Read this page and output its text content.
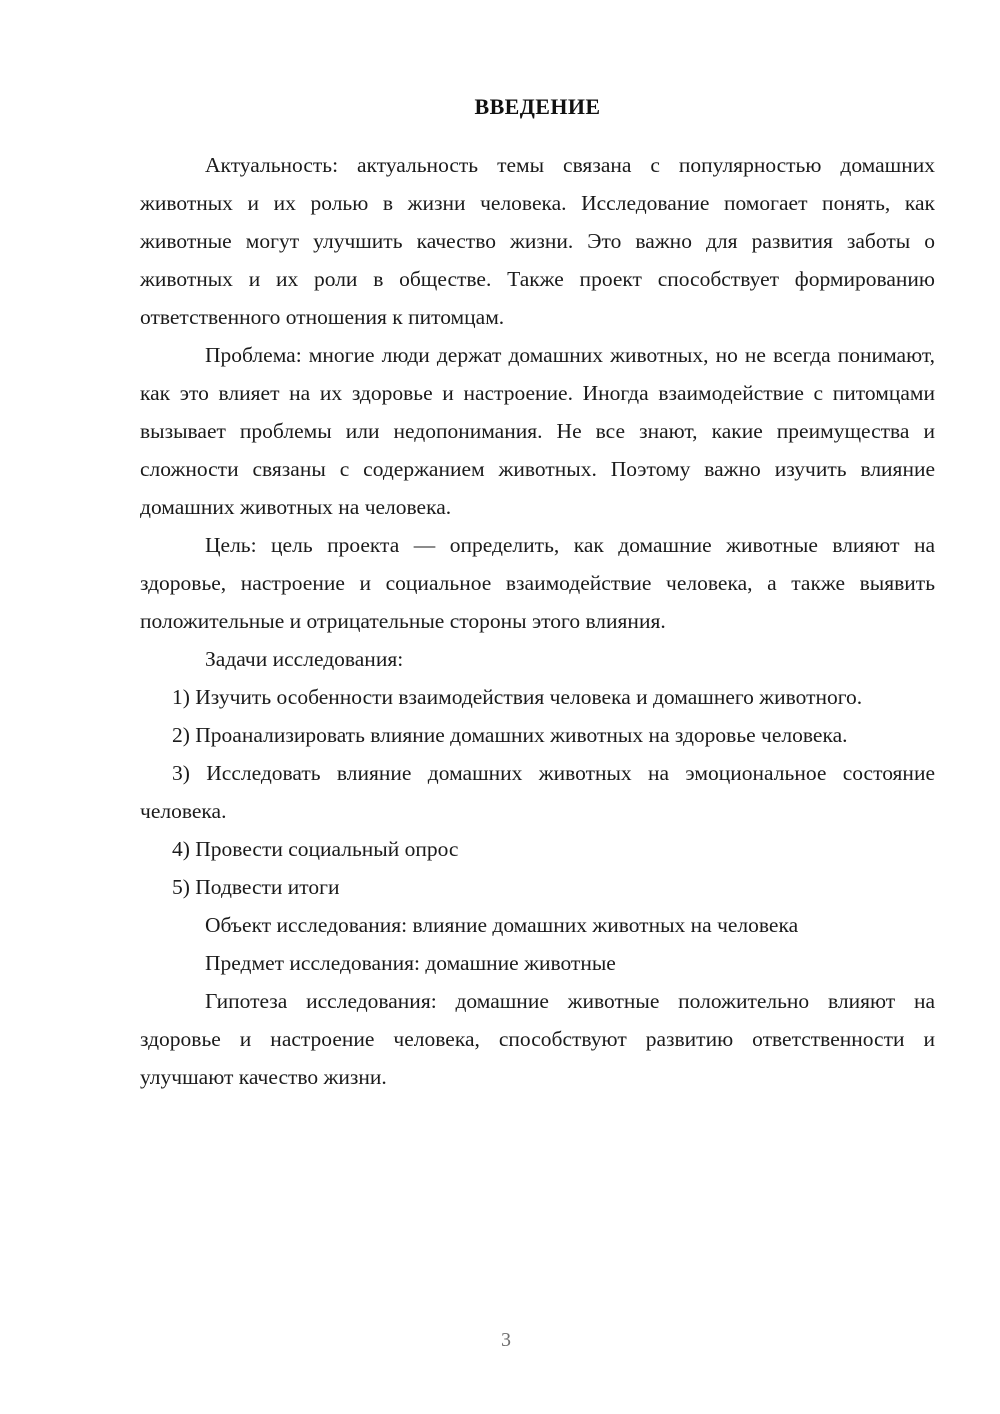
ВВЕДЕНИЕ

Актуальность: актуальность темы связана с популярностью домашних животных и их ролью в жизни человека. Исследование помогает понять, как животные могут улучшить качество жизни. Это важно для развития заботы о животных и их роли в обществе. Также проект способствует формированию ответственного отношения к питомцам.

Проблема: многие люди держат домашних животных, но не всегда понимают, как это влияет на их здоровье и настроение. Иногда взаимодействие с питомцами вызывает проблемы или недопонимания. Не все знают, какие преимущества и сложности связаны с содержанием животных. Поэтому важно изучить влияние домашних животных на человека.

Цель: цель проекта — определить, как домашние животные влияют на здоровье, настроение и социальное взаимодействие человека, а также выявить положительные и отрицательные стороны этого влияния.

Задачи исследования:

1) Изучить особенности взаимодействия человека и домашнего животного.

2) Проанализировать влияние домашних животных на здоровье человека.

3) Исследовать влияние домашних животных на эмоциональное состояние человека.

4) Провести социальный опрос

5) Подвести итоги

Объект исследования: влияние домашних животных на человека

Предмет исследования: домашние животные

Гипотеза исследования: домашние животные положительно влияют на здоровье и настроение человека, способствуют развитию ответственности и улучшают качество жизни.

3
